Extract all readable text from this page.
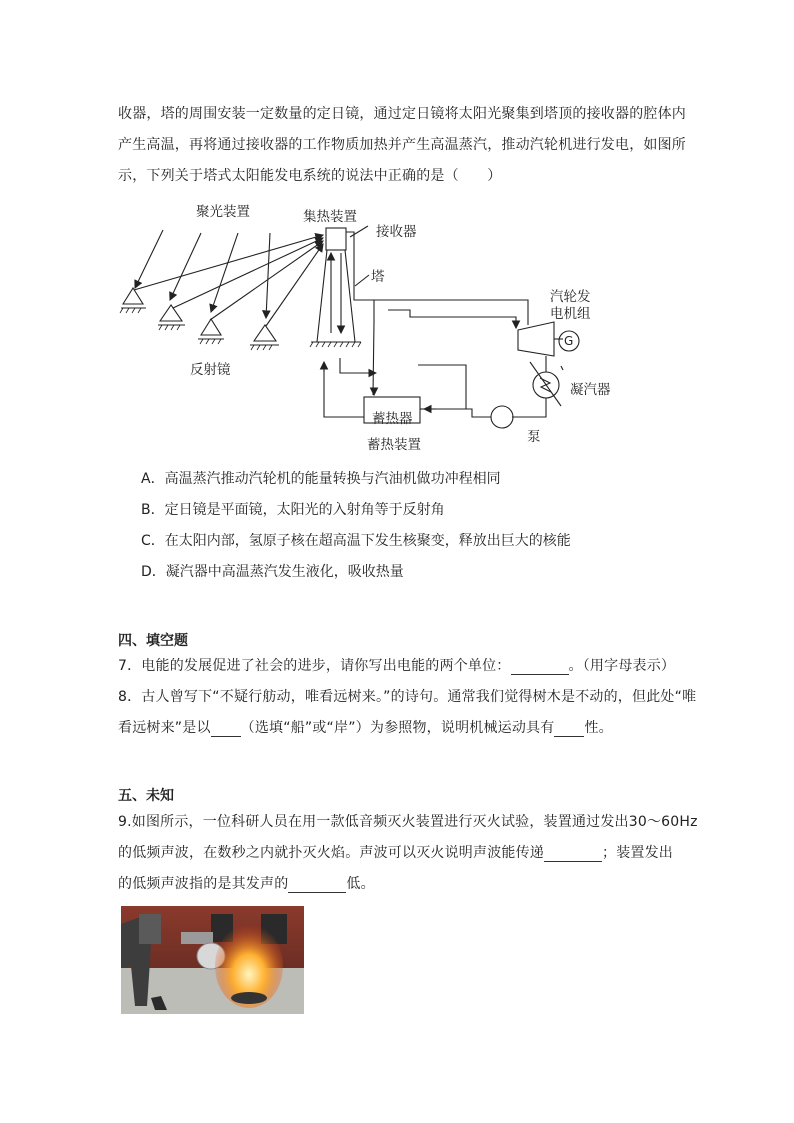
收器，塔的周围安装一定数量的定日镜，通过定日镜将太阳光聚集到塔顶的接收器的腔体内
产生高温，再将通过接收器的工作物质加热并产生高温蒸汽，推动汽轮机进行发电，如图所
示，下列关于塔式太阳能发电系统的说法中正确的是（　　）
聚光装置	集热装置
接收器
塔
汽轮发
电机组
G
凝汽器
反射镜
蓄热器
蓄热装置	泵
A．高温蒸汽推动汽轮机的能量转换与汽油机做功冲程相同
B．定日镜是平面镜，太阳光的入射角等于反射角
C．在太阳内部，氢原子核在超高温下发生核聚变，释放出巨大的核能
D．凝汽器中高温蒸汽发生液化，吸收热量
四、填空题
7．电能的发展促进了社会的进步，请你写出电能的两个单位：	。（用字母表示）
8．古人曾写下“不疑行舫动，唯看远树来。”的诗句。通常我们觉得树木是不动的，但此处“唯
看远树来”是以 （选填“船”或“岸”）为参照物，说明机械运动具有 性。
五、未知
9.如图所示，一位科研人员在用一款低音频灭火装置进行灭火试验，装置通过发出30～60Hz
的低频声波，在数秒之内就扑灭火焰。声波可以灭火说明声波能传递	；装置发出
的低频声波指的是其发声的	低。
